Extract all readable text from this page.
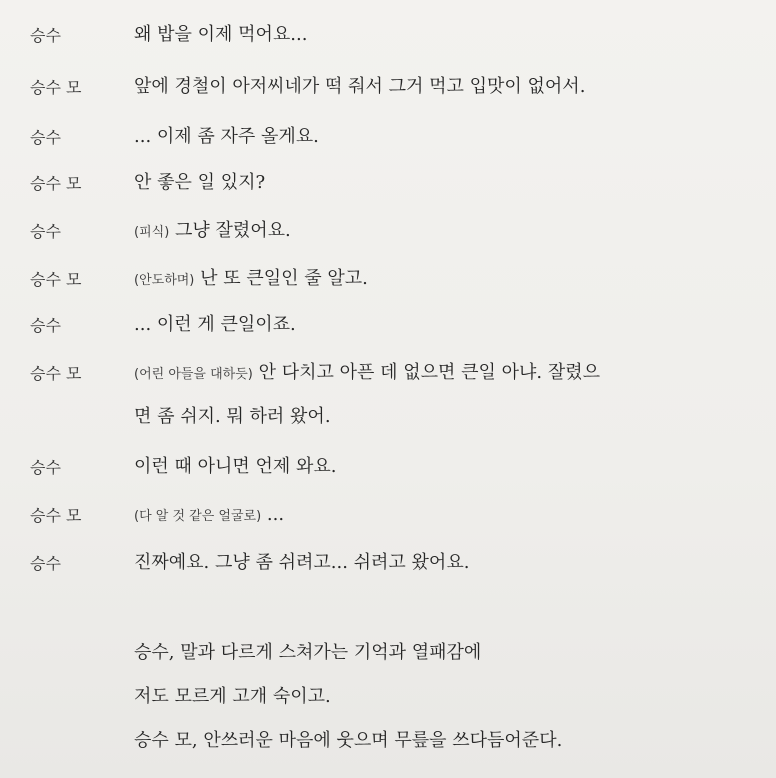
승수	왜 밥을 이제 먹어요...
승수 모	앞에 경철이 아저씨네가 떡 줘서 그거 먹고 입맛이 없어서.
승수	... 이제 좀 자주 올게요.
승수 모	안 좋은 일 있지?
승수	(피식) 그냥 잘렸어요.
승수 모	(안도하며) 난 또 큰일인 줄 알고.
승수	... 이런 게 큰일이죠.
승수 모	(어린 아들을 대하듯) 안 다치고 아픈 데 없으면 큰일 아냐. 잘렸으
면 좀 쉬지. 뭐 하러 왔어.
승수	이런 때 아니면 언제 와요.
승수 모	(다 알 것 같은 얼굴로) ...
승수	진짜예요. 그냥 좀 쉬려고... 쉬려고 왔어요.
승수, 말과 다르게 스쳐가는 기억과 열패감에
저도 모르게 고개 숙이고.
승수 모, 안쓰러운 마음에 웃으며 무릎을 쓰다듬어준다.
